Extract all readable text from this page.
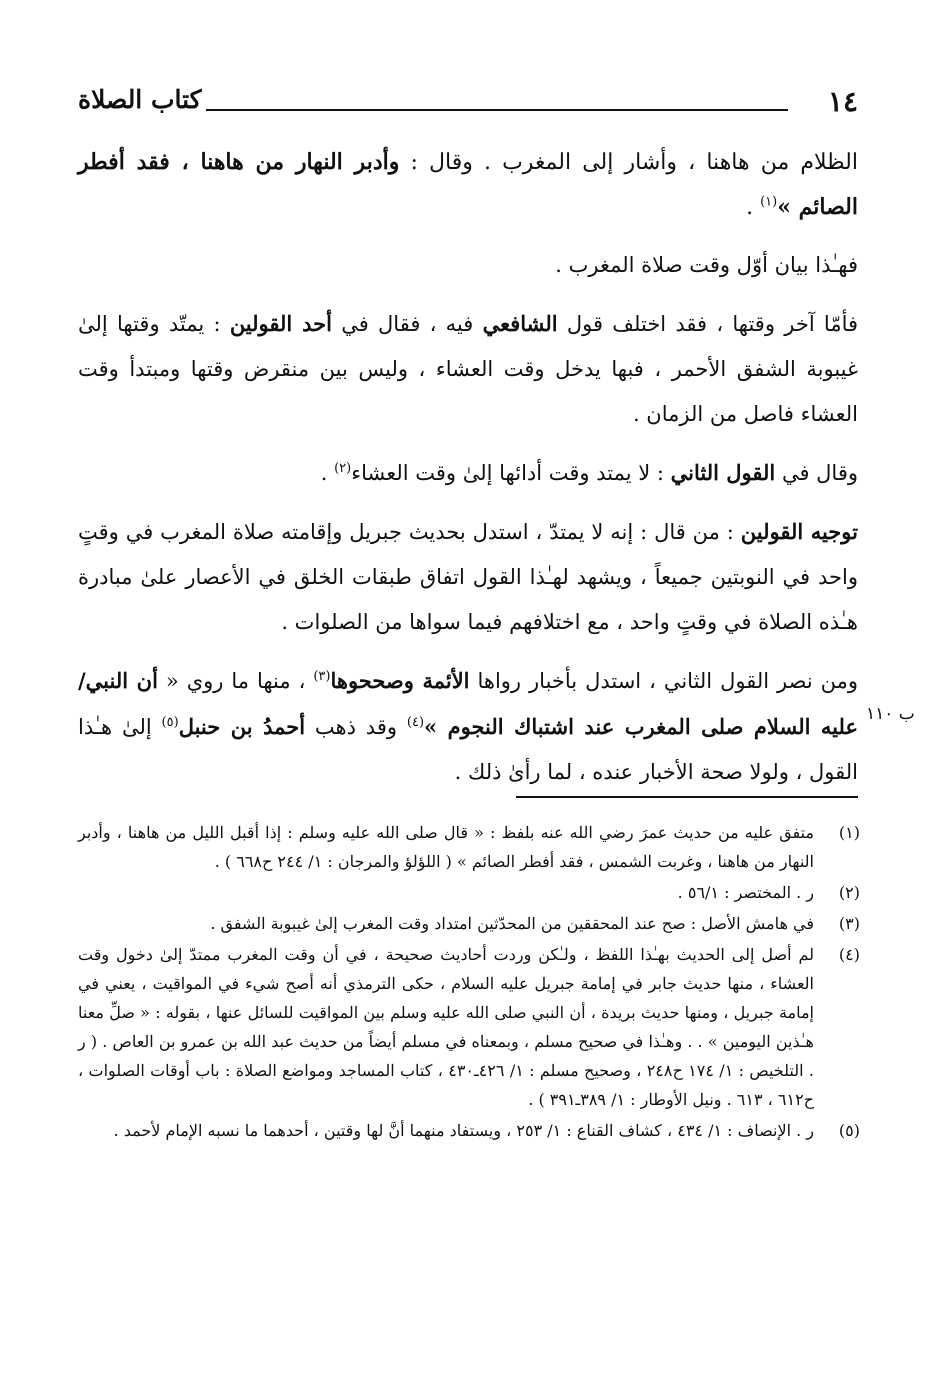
١٤
كتاب الصلاة

الظلام من هاهنا ، وأشار إلى المغرب . وقال : وأدبر النهار من هاهنا ، فقد أفطر الصائم »$^{(١)}$ .

فهـٰذا بيان أوّل وقت صلاة المغرب .

فأمّا آخر وقتها ، فقد اختلف قول الشافعي فيه ، فقال في أحد القولين : يمتّد وقتها إلىٰ غيبوبة الشفق الأحمر ، فبها يدخل وقت العشاء ، وليس بين منقرض وقتها ومبتدأ وقت العشاء فاصل من الزمان .

وقال في القول الثاني : لا يمتد وقت أدائها إلىٰ وقت العشاء$^{(٢)}$ .

توجيه القولين : من قال : إنه لا يمتدّ ، استدل بحديث جبريل وإقامته صلاة المغرب في وقتٍ واحد في النوبتين جميعاً ، ويشهد لهـٰذا القول اتفاق طبقات الخلق في الأعصار علىٰ مبادرة هـٰذه الصلاة في وقتٍ واحد ، مع اختلافهم فيما سواها من الصلوات .

ومن نصر القول الثاني ، استدل بأخبار رواها الأئمة وصححوها$^{(٣)}$ ، منها ما روي « أن النبي/ عليه السلام صلى المغرب عند اشتباك النجوم »$^{(٤)}$ وقد ذهب أحمدُ بن حنبل$^{(٥)}$ إلىٰ هـٰذا القول ، ولولا صحة الأخبار عنده ، لما رأىٰ ذلك .

ب ١١٠
(١)
متفق عليه من حديث عمرَ رضي الله عنه بلفظ : « قال صلى الله عليه وسلم : إذا أقبل الليل من هاهنا ، وأدبر النهار من هاهنا ، وغربت الشمس ، فقد أفطر الصائم » ( اللؤلؤ والمرجان : ١/ ٢٤٤ ح٦٦٨ ) .
(٢)
ر . المختصر : ٥٦/١ .
(٣)
في هامش الأصل : صح عند المحققين من المحدّثين امتداد وقت المغرب إلىٰ غيبوبة الشفق .
(٤)
لم أصل إلى الحديث بهـٰذا اللفظ ، ولـٰكن وردت أحاديث صحيحة ، في أن وقت المغرب ممتدّ إلىٰ دخول وقت العشاء ، منها حديث جابر في إمامة جبريل عليه السلام ، حكى الترمذي أنه أصح شيء في المواقيت ، يعني في إمامة جبريل ، ومنها حديث بريدة ، أن النبي صلى الله عليه وسلم بين المواقيت للسائل عنها ، بقوله : « صلِّ معنا هـٰذين اليومين » . . وهـٰذا في صحيح مسلم ، وبمعناه في مسلم أيضاً من حديث عبد الله بن عمرو بن العاص . ( ر . التلخيص : ١/ ١٧٤ ح٢٤٨ ، وصحيح مسلم : ١/ ٤٢٦ـ٤٣٠ ، كتاب المساجد ومواضع الصلاة : باب أوقات الصلوات ، ح٦١٢ ، ٦١٣ . ونيل الأوطار : ١/ ٣٨٩ـ٣٩١ ) .
(٥)
ر . الإنصاف : ١/ ٤٣٤ ، كشاف القناع : ١/ ٢٥٣ ، ويستفاد منهما أنَّ لها وقتين ، أحدهما ما نسبه الإمام لأحمد .
